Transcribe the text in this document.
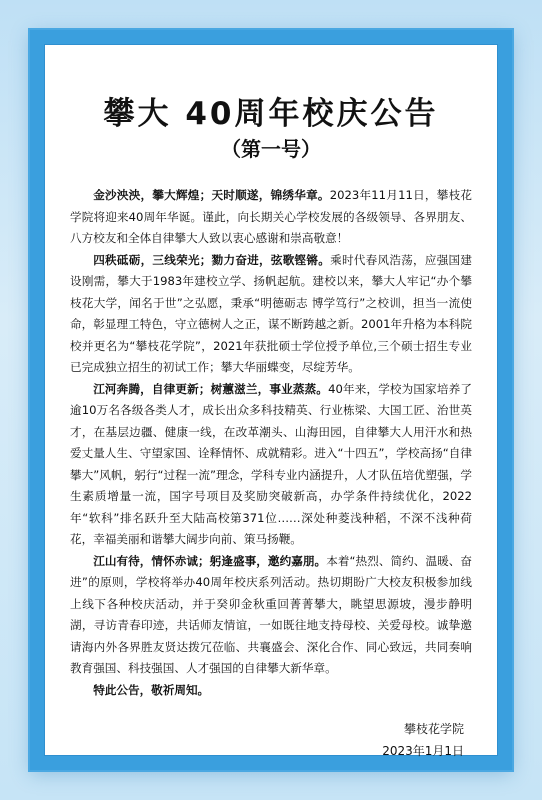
攀大 40周年校庆公告
（第一号）

金沙泱泱，攀大辉煌；天时顺遂，锦绣华章。2023年11月11日，攀枝花学院将迎来40周年华诞。谨此，向长期关心学校发展的各级领导、各界朋友、八方校友和全体自律攀大人致以衷心感谢和崇高敬意！

四秩砥砺，三线荣光；勠力奋进，弦歌铿锵。乘时代春风浩荡，应强国建设刚需，攀大于1983年建校立学、扬帆起航。建校以来，攀大人牢记“办个攀枝花大学，闻名于世”之弘愿，秉承“明德砺志 博学笃行”之校训，担当一流使命，彰显理工特色，守立德树人之正，谋不断跨越之新。2001年升格为本科院校并更名为“攀枝花学院”，2021年获批硕士学位授予单位,三个硕士招生专业已完成独立招生的初试工作；攀大华丽蝶变，尽绽芳华。

江河奔腾，自律更新；树蕙滋兰，事业蒸蒸。40年来，学校为国家培养了逾10万名各级各类人才，成长出众多科技精英、行业栋梁、大国工匠、治世英才，在基层边疆、健康一线，在改革潮头、山海田园，自律攀大人用汗水和热爱丈量人生、守望家国、诠释情怀、成就精彩。进入“十四五”，学校高扬“自律攀大”风帆，躬行“过程一流”理念，学科专业内涵提升，人才队伍培优塑强，学生素质增量一流，国字号项目及奖励突破新高，办学条件持续优化，2022年“软科”排名跃升至大陆高校第371位……深处种菱浅种稻，不深不浅种荷花，幸福美丽和谐攀大阔步向前、策马扬鞭。

江山有待，情怀赤诚；躬逢盛事，邀约嘉朋。本着“热烈、简约、温暖、奋进”的原则，学校将举办40周年校庆系列活动。热切期盼广大校友积极参加线上线下各种校庆活动，并于癸卯金秋重回菁菁攀大，眺望思源坡，漫步静明湖，寻访青春印迹，共话师友情谊，一如既往地支持母校、关爱母校。诚挚邀请海内外各界胜友贤达拨冗莅临、共襄盛会、深化合作、同心致远，共同奏响教育强国、科技强国、人才强国的自律攀大新华章。

特此公告，敬祈周知。

攀枝花学院
2023年1月1日
